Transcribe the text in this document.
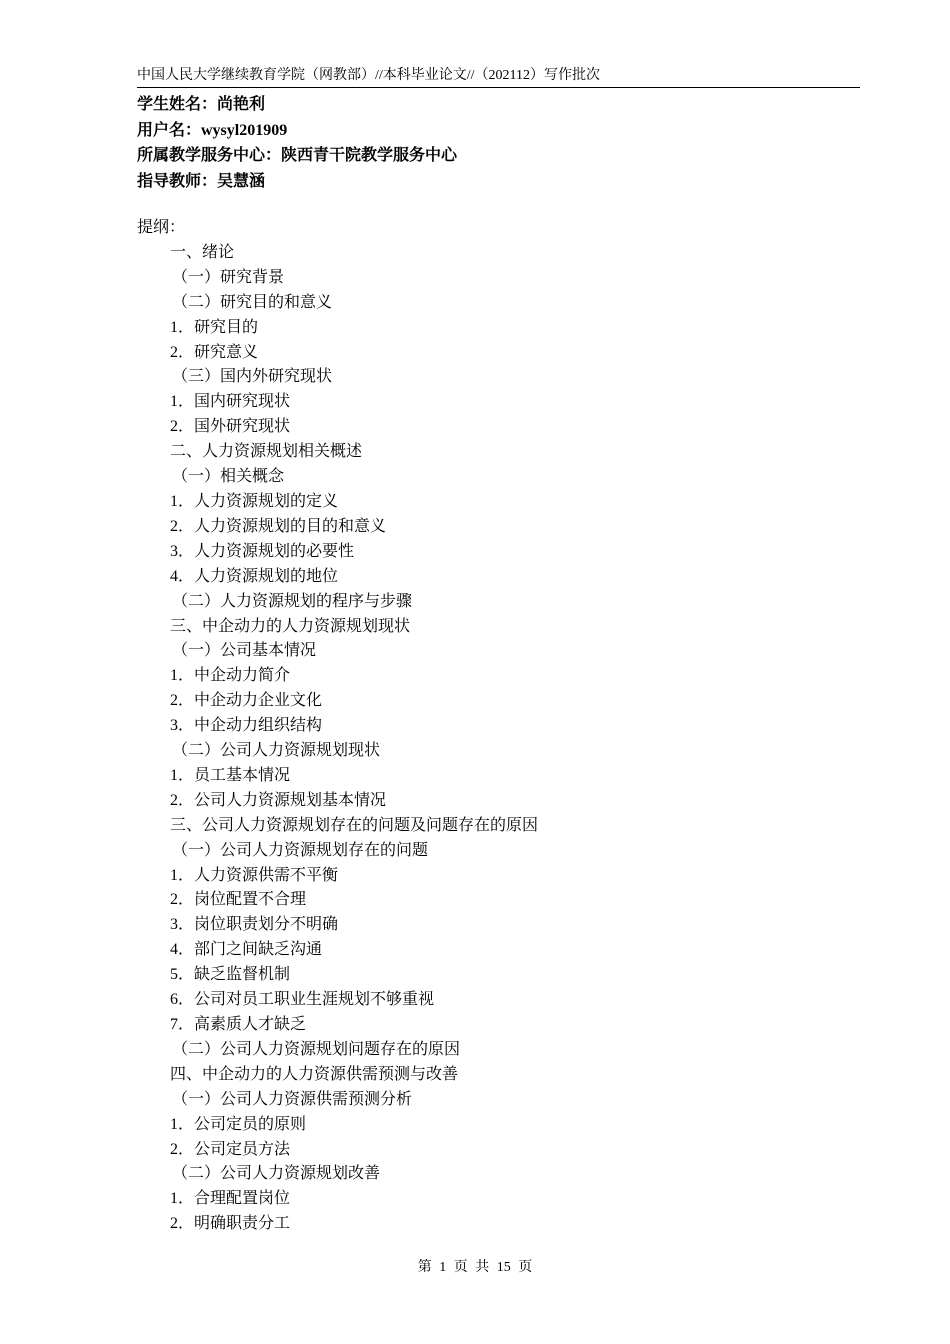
中国人民大学继续教育学院（网教部）//本科毕业论文//（202112）写作批次
学生姓名：尚艳利
用户名：wysyl201909
所属教学服务中心：陕西青干院教学服务中心
指导教师：吴慧涵
提纲：
一、绪论
（一）研究背景
（二）研究目的和意义
1．研究目的
2．研究意义
（三）国内外研究现状
1．国内研究现状
2．国外研究现状
二、人力资源规划相关概述
（一）相关概念
1．人力资源规划的定义
2．人力资源规划的目的和意义
3．人力资源规划的必要性
4．人力资源规划的地位
（二）人力资源规划的程序与步骤
三、中企动力的人力资源规划现状
（一）公司基本情况
1．中企动力简介
2．中企动力企业文化
3．中企动力组织结构
（二）公司人力资源规划现状
1．员工基本情况
2．公司人力资源规划基本情况
三、公司人力资源规划存在的问题及问题存在的原因
（一）公司人力资源规划存在的问题
1．人力资源供需不平衡
2．岗位配置不合理
3．岗位职责划分不明确
4．部门之间缺乏沟通
5．缺乏监督机制
6．公司对员工职业生涯规划不够重视
7．高素质人才缺乏
（二）公司人力资源规划问题存在的原因
四、中企动力的人力资源供需预测与改善
（一）公司人力资源供需预测分析
1．公司定员的原则
2．公司定员方法
（二）公司人力资源规划改善
1．合理配置岗位
2．明确职责分工
第 1 页 共 15 页
